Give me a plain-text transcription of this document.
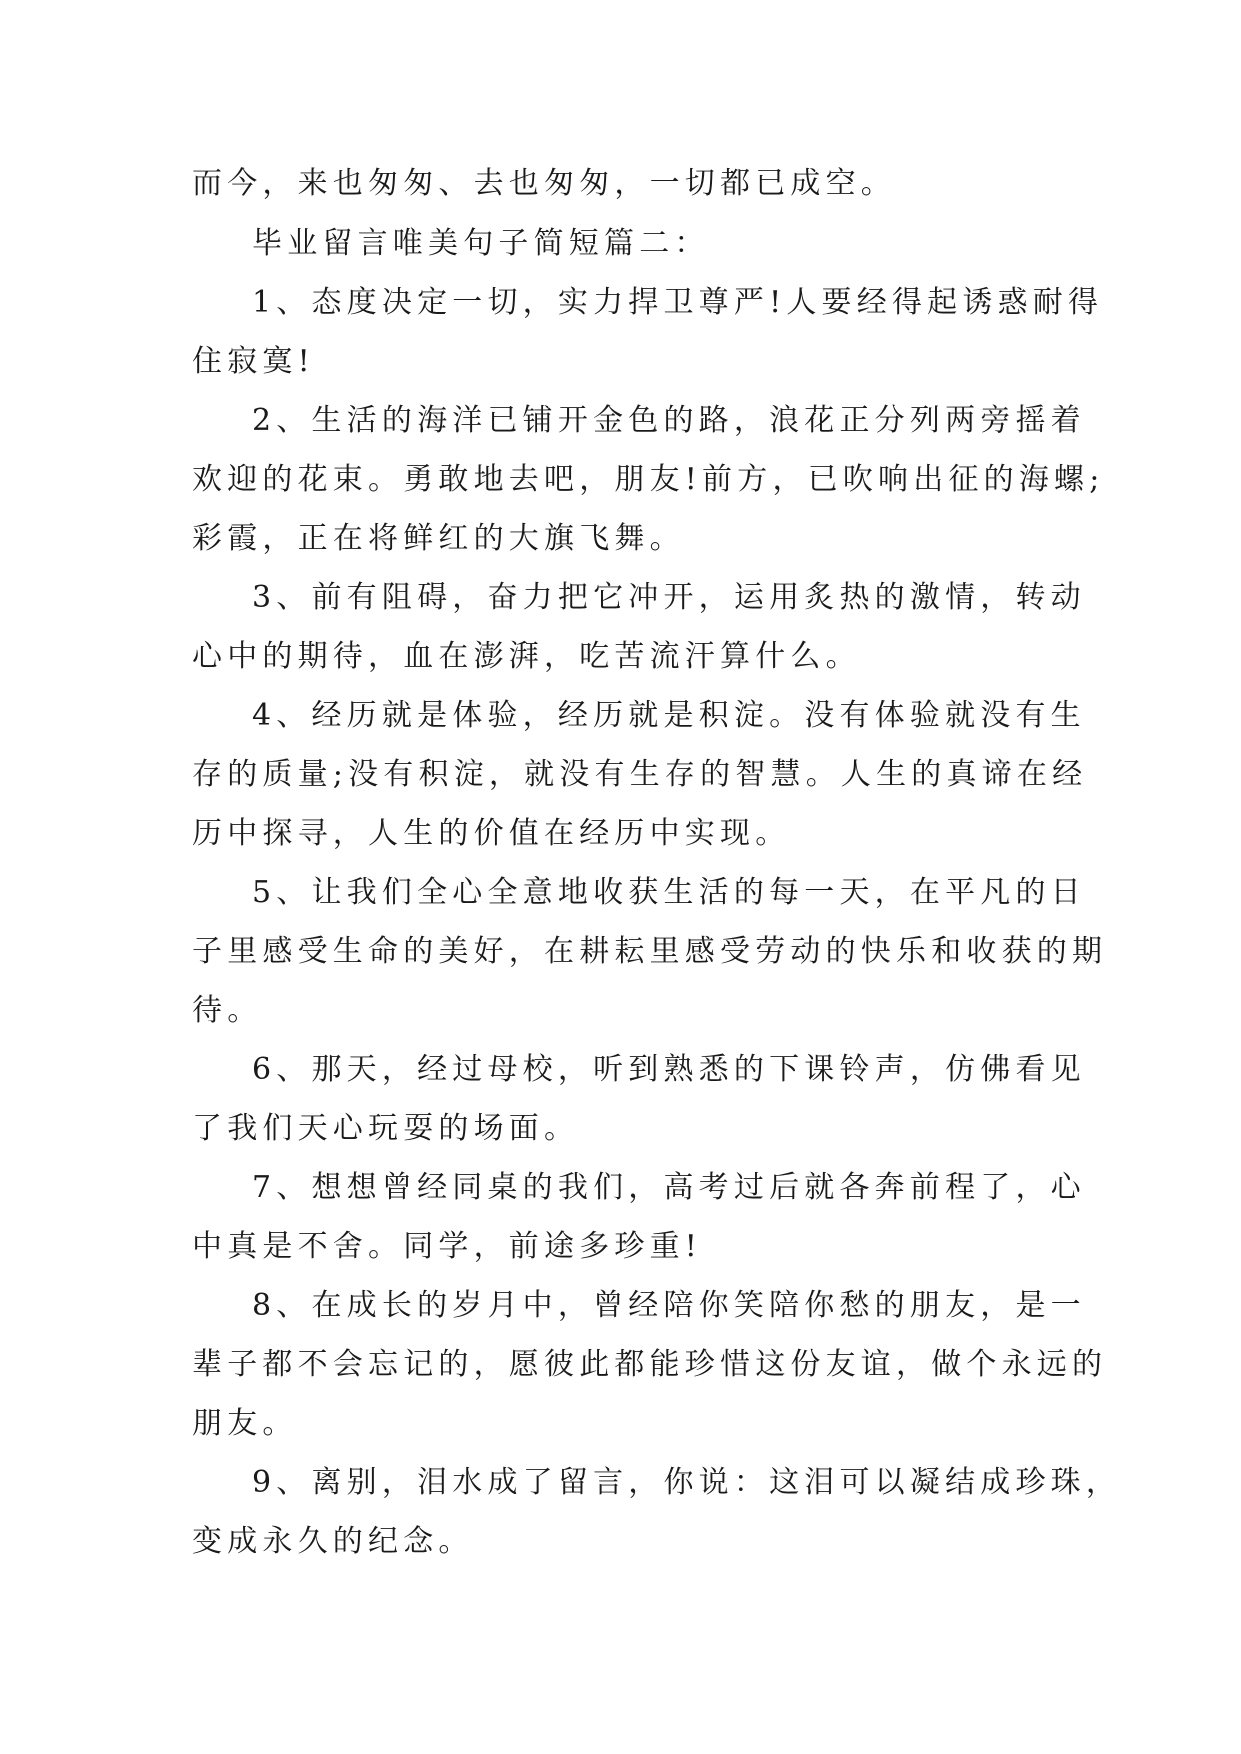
而今，来也匆匆、去也匆匆，一切都已成空。
毕业留言唯美句子简短篇二：
1、态度决定一切，实力捍卫尊严!人要经得起诱惑耐得
住寂寞!
2、生活的海洋已铺开金色的路，浪花正分列两旁摇着
欢迎的花束。勇敢地去吧，朋友!前方，已吹响出征的海螺;
彩霞，正在将鲜红的大旗飞舞。
3、前有阻碍，奋力把它冲开，运用炙热的激情，转动
心中的期待，血在澎湃，吃苦流汗算什么。
4、经历就是体验，经历就是积淀。没有体验就没有生
存的质量;没有积淀，就没有生存的智慧。人生的真谛在经
历中探寻，人生的价值在经历中实现。
5、让我们全心全意地收获生活的每一天，在平凡的日
子里感受生命的美好，在耕耘里感受劳动的快乐和收获的期
待。
6、那天，经过母校，听到熟悉的下课铃声，仿佛看见
了我们天心玩耍的场面。
7、想想曾经同桌的我们，高考过后就各奔前程了，心
中真是不舍。同学，前途多珍重!
8、在成长的岁月中，曾经陪你笑陪你愁的朋友，是一
辈子都不会忘记的，愿彼此都能珍惜这份友谊，做个永远的
朋友。
9、离别，泪水成了留言，你说：这泪可以凝结成珍珠，
变成永久的纪念。
